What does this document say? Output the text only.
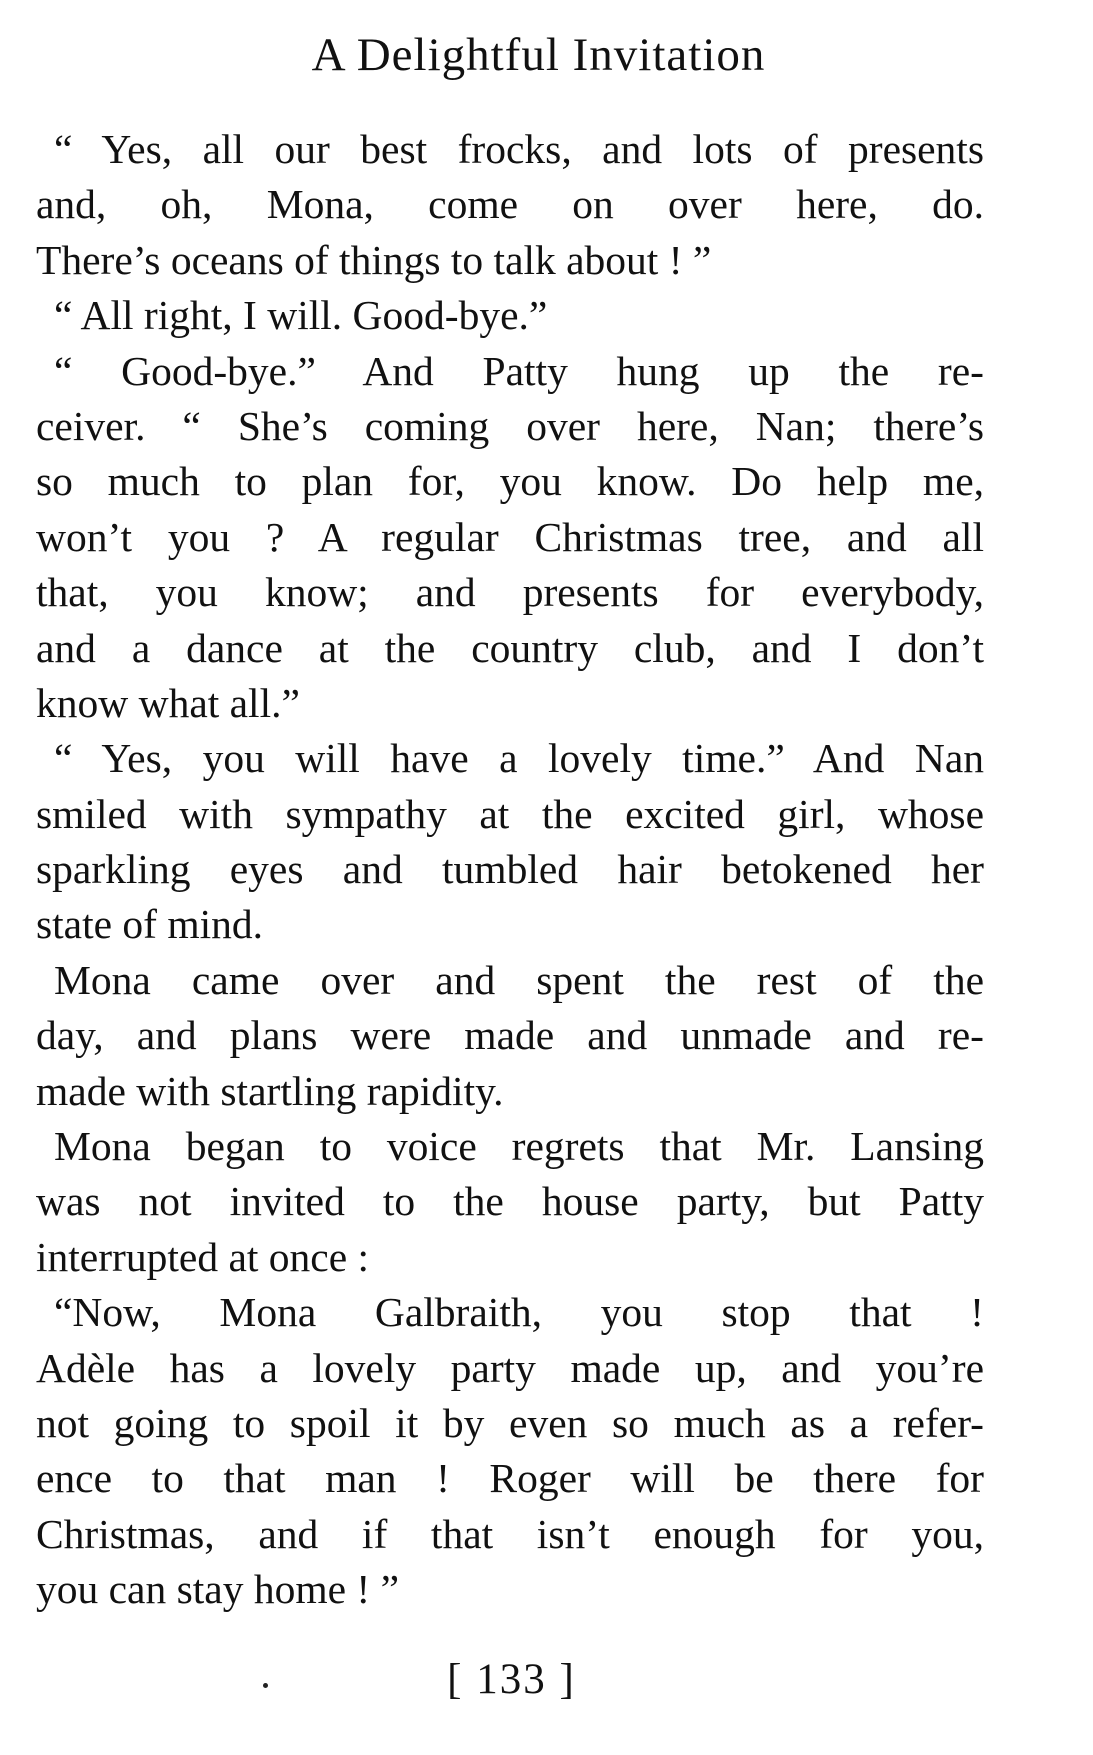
A Delightful Invitation
“ Yes, all our best frocks, and lots of presents
and, oh, Mona, come on over here, do.
There’s oceans of things to talk about ! ”
“ All right, I will. Good-bye.”
“ Good-bye.” And Patty hung up the re-
ceiver. “ She’s coming over here, Nan; there’s
so much to plan for, you know. Do help me,
won’t you ? A regular Christmas tree, and all
that, you know; and presents for everybody,
and a dance at the country club, and I don’t
know what all.”
“ Yes, you will have a lovely time.” And Nan
smiled with sympathy at the excited girl, whose
sparkling eyes and tumbled hair betokened her
state of mind.
Mona came over and spent the rest of the
day, and plans were made and unmade and re-
made with startling rapidity.
Mona began to voice regrets that Mr. Lansing
was not invited to the house party, but Patty
interrupted at once :
“Now, Mona Galbraith, you stop that !
Adèle has a lovely party made up, and you’re
not going to spoil it by even so much as a refer-
ence to that man ! Roger will be there for
Christmas, and if that isn’t enough for you,
you can stay home ! ”
[ 133 ]
